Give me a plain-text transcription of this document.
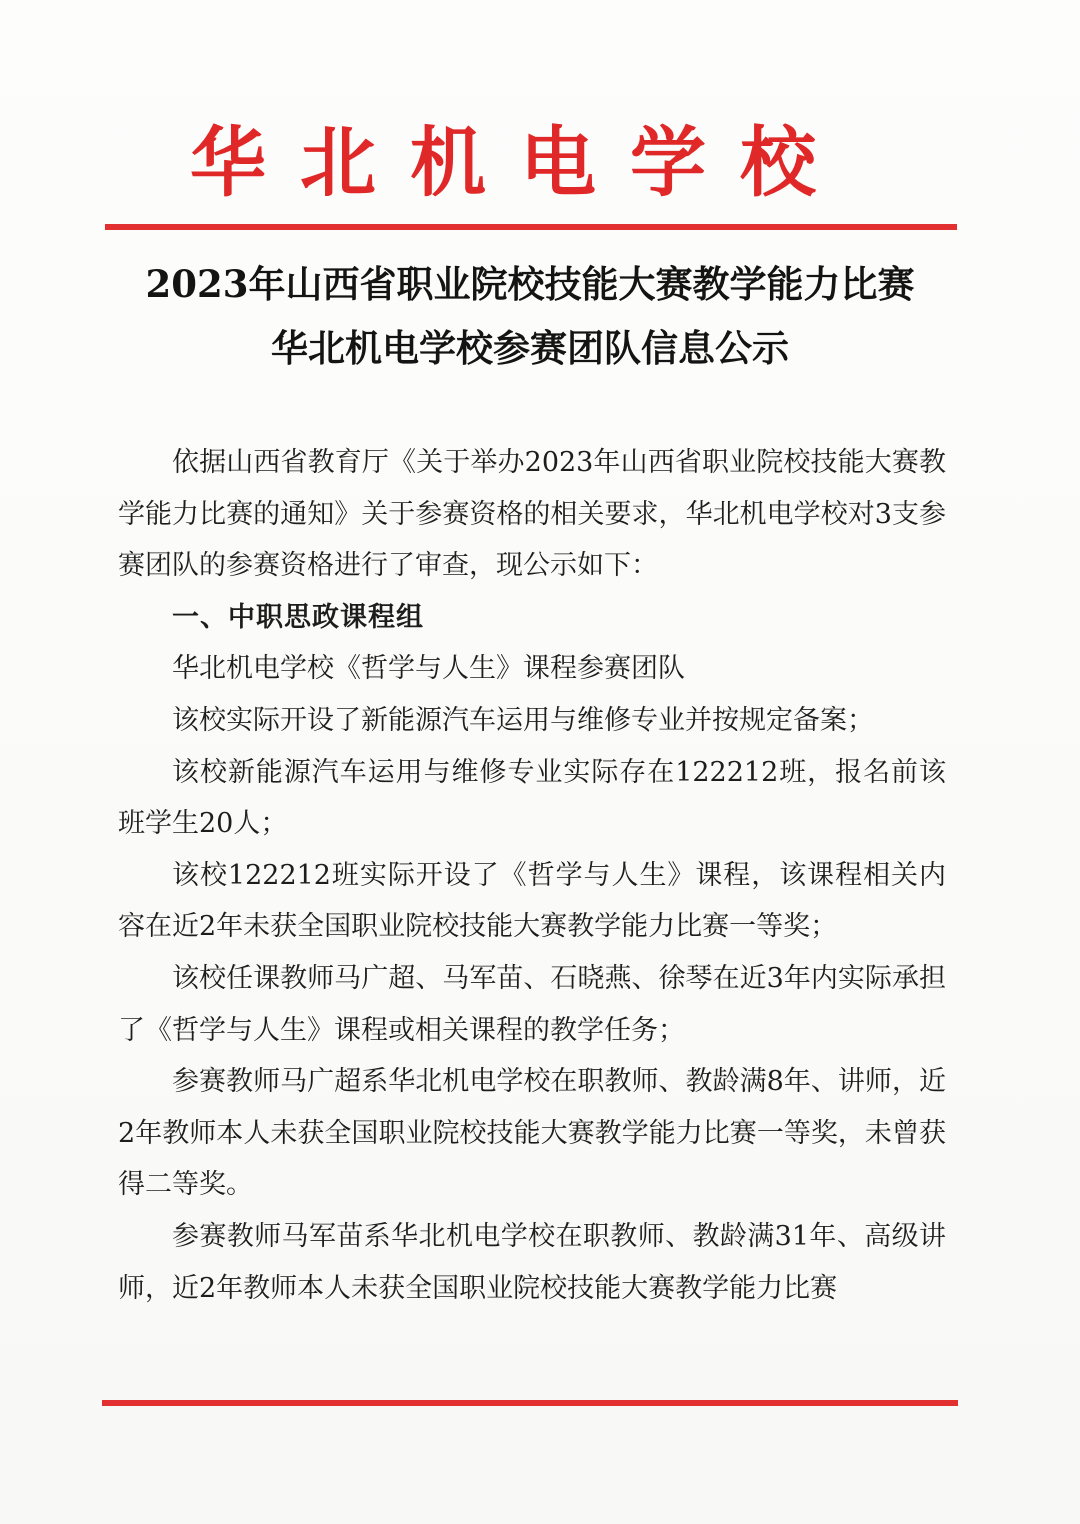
华北机电学校
2023年山西省职业院校技能大赛教学能力比赛
华北机电学校参赛团队信息公示

依据山西省教育厅《关于举办2023年山西省职业院校技能大赛教学能力比赛的通知》关于参赛资格的相关要求，华北机电学校对3支参赛团队的参赛资格进行了审查，现公示如下：

一、中职思政课程组

华北机电学校《哲学与人生》课程参赛团队

该校实际开设了新能源汽车运用与维修专业并按规定备案；

该校新能源汽车运用与维修专业实际存在122212班，报名前该班学生20人；

该校122212班实际开设了《哲学与人生》课程，该课程相关内容在近2年未获全国职业院校技能大赛教学能力比赛一等奖；

该校任课教师马广超、马军苗、石晓燕、徐琴在近3年内实际承担了《哲学与人生》课程或相关课程的教学任务；

参赛教师马广超系华北机电学校在职教师、教龄满8年、讲师，近2年教师本人未获全国职业院校技能大赛教学能力比赛一等奖，未曾获得二等奖。

参赛教师马军苗系华北机电学校在职教师、教龄满31年、高级讲师，近2年教师本人未获全国职业院校技能大赛教学能力比赛
